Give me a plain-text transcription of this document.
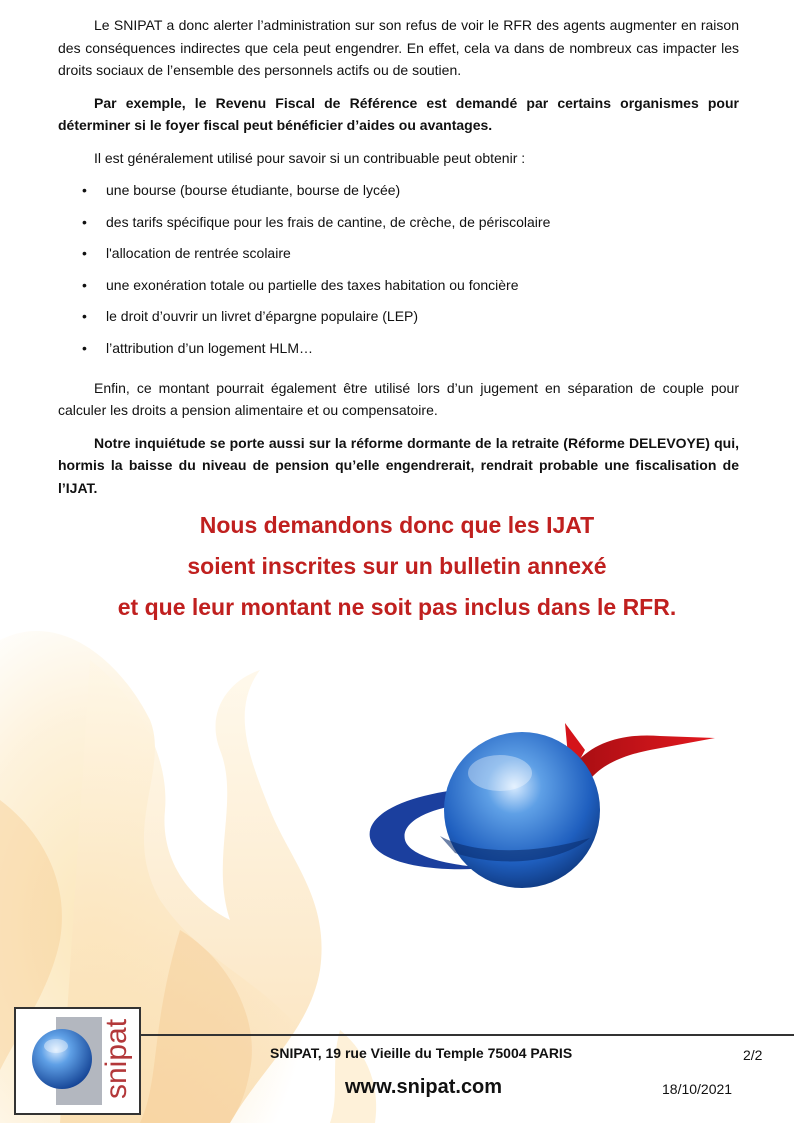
Le SNIPAT a donc alerter l’administration sur son refus de voir le RFR des agents augmenter en raison des conséquences indirectes que cela peut engendrer. En effet, cela va dans de nombreux cas impacter les droits sociaux de l’ensemble des personnels actifs ou de soutien.

Par exemple, le Revenu Fiscal de Référence est demandé par certains organismes pour déterminer si le foyer fiscal peut bénéficier d’aides ou avantages.

Il est généralement utilisé pour savoir si un contribuable peut obtenir :

• une bourse (bourse étudiante, bourse de lycée)
• des tarifs spécifique pour les frais de cantine, de crèche, de périscolaire
• l'allocation de rentrée scolaire
• une exonération totale ou partielle des taxes habitation ou foncière
• le droit d’ouvrir un livret d’épargne populaire (LEP)
• l’attribution d’un logement HLM…

Enfin, ce montant pourrait également être utilisé lors d’un jugement en séparation de couple pour calculer les droits a pension alimentaire et ou compensatoire.

Notre inquiétude se porte aussi sur la réforme dormante de la retraite (Réforme DELEVOYE) qui, hormis la baisse du niveau de pension qu’elle engendrerait, rendrait probable une fiscalisation de l’IJAT.

Nous demandons donc que les IJAT
soient inscrites sur un bulletin annexé
et que leur montant ne soit pas inclus dans le RFR.
snipat	SNIPAT, 19 rue Vieille du Temple 75004 PARIS	2/2
www.snipat.com	18/10/2021
